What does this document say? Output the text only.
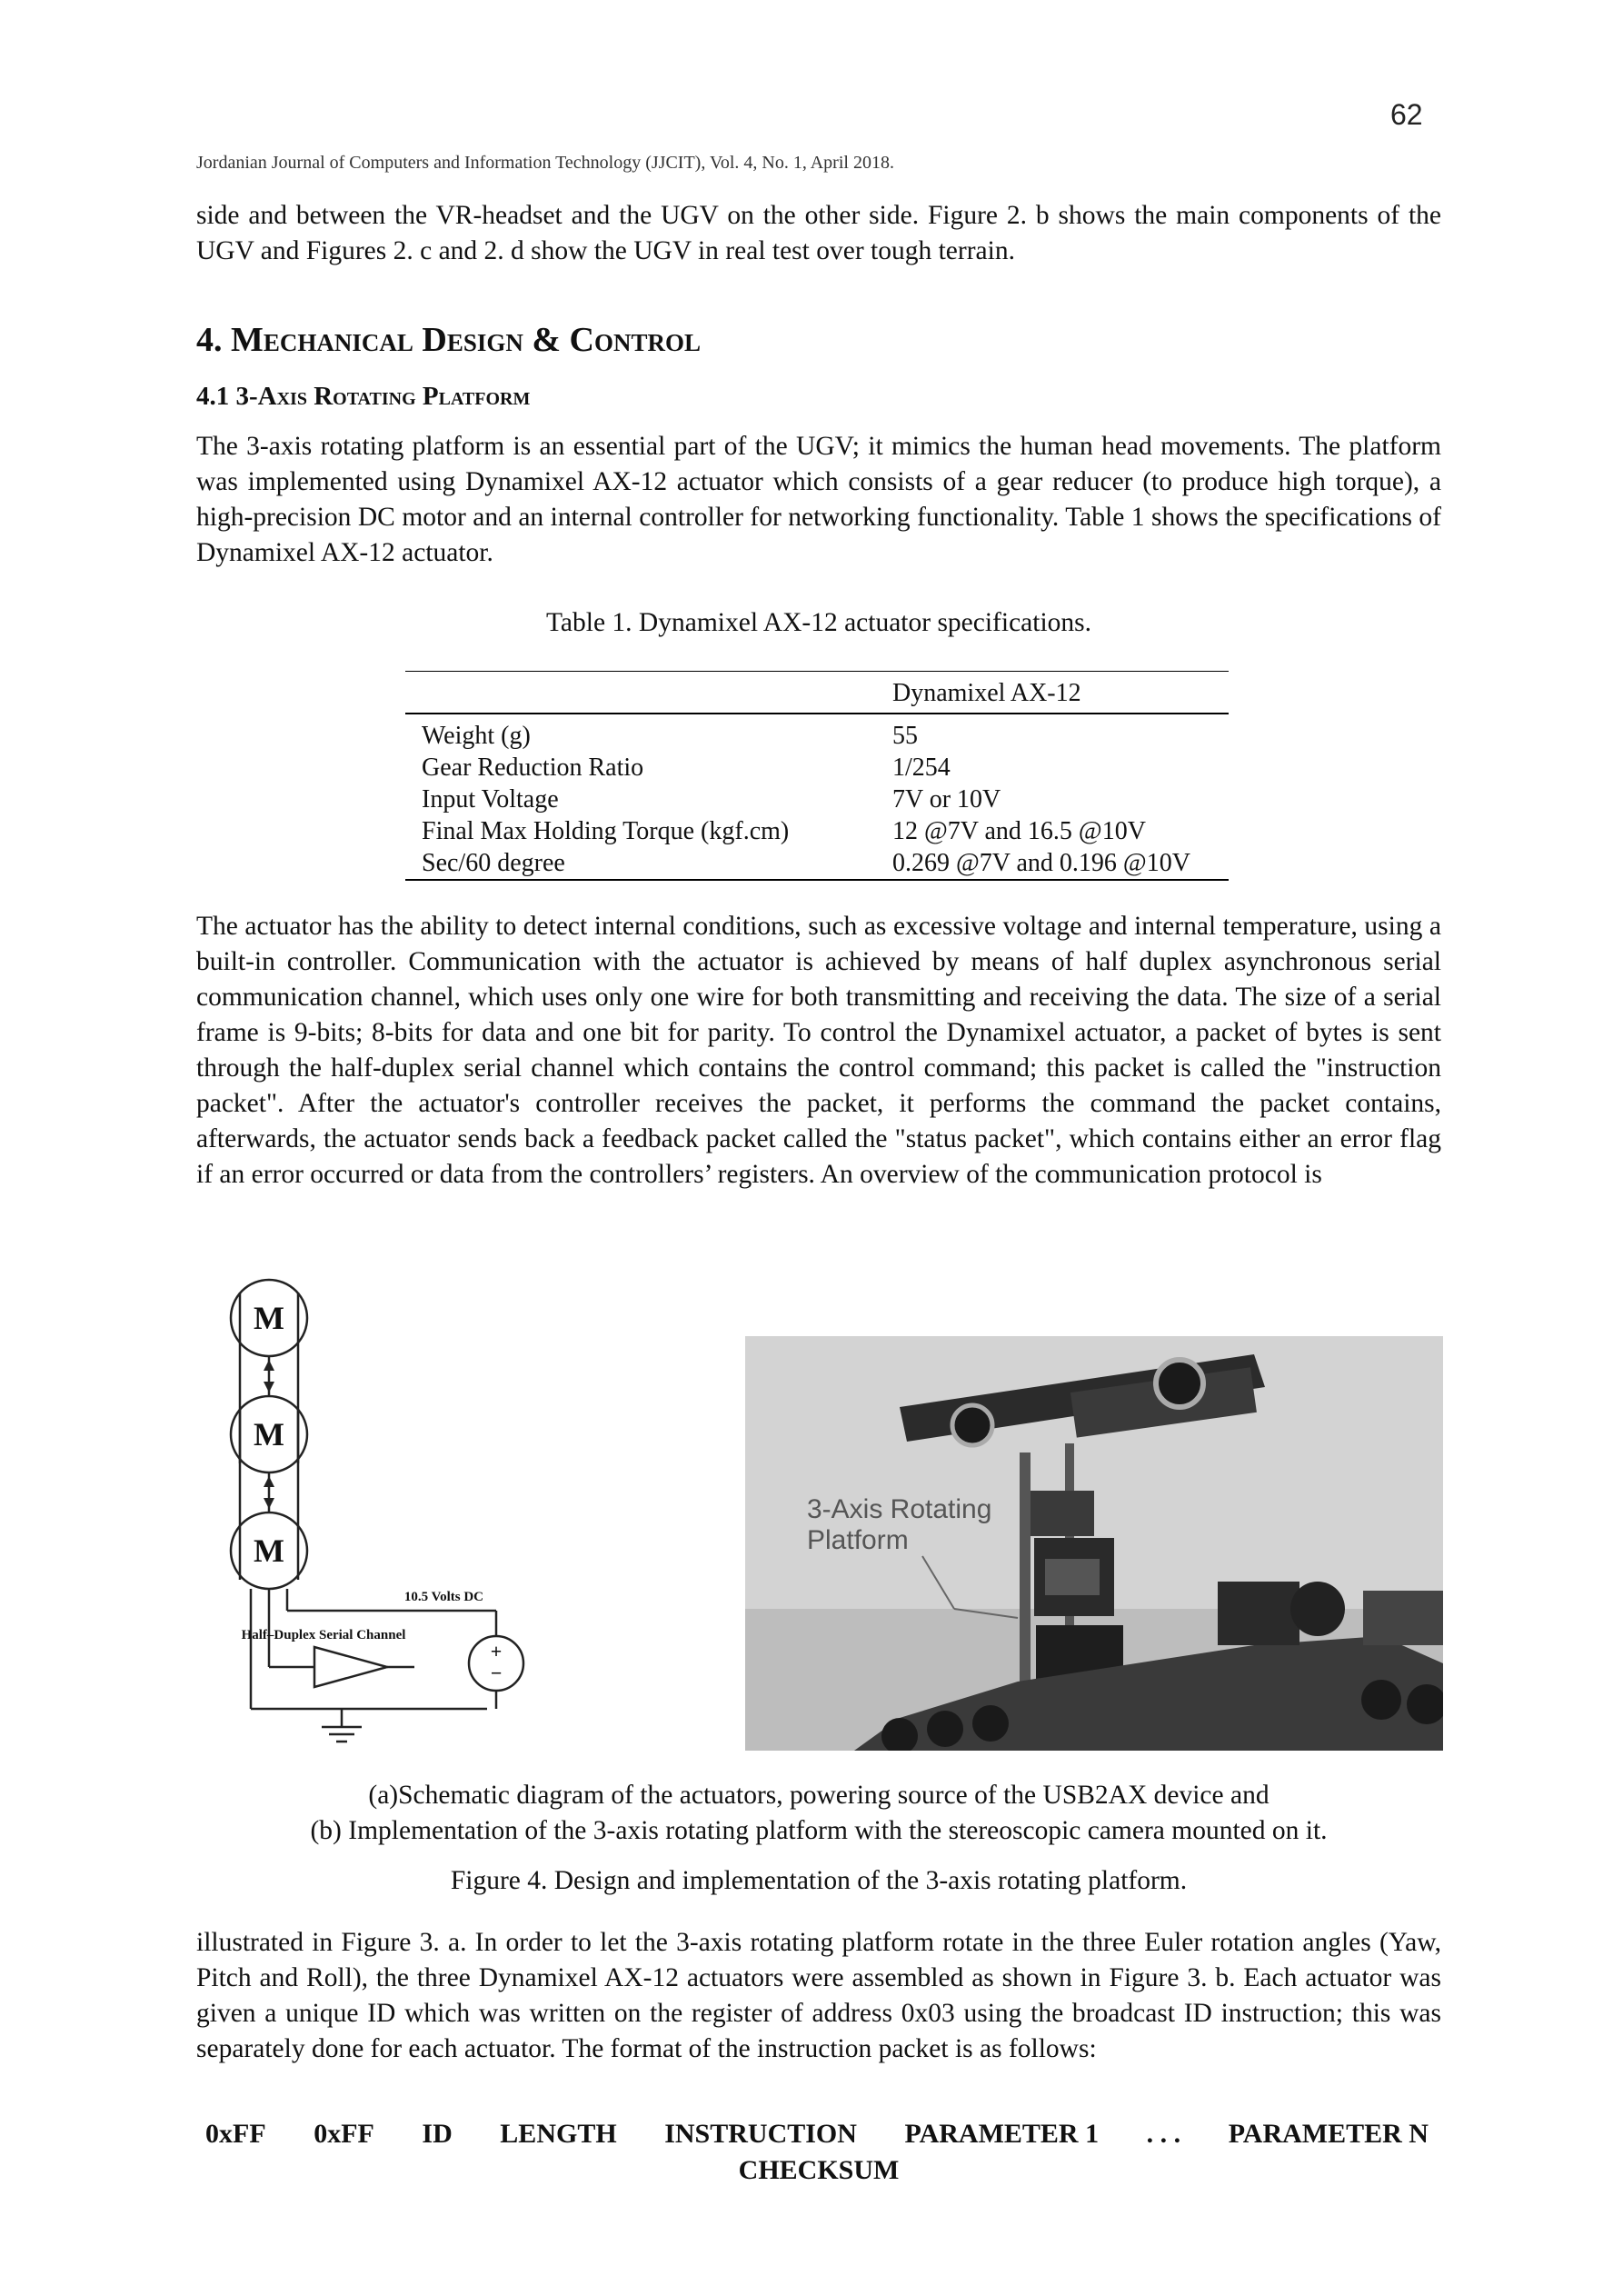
62
Jordanian Journal of Computers and Information Technology (JJCIT), Vol. 4, No. 1, April 2018.

side and between the VR-headset and the UGV on the other side. Figure 2. b shows the main components of the UGV and Figures 2. c and 2. d show the UGV in real test over tough terrain.

4. Mechanical Design & Control
4.1 3-Axis Rotating Platform

The 3-axis rotating platform is an essential part of the UGV; it mimics the human head movements. The platform was implemented using Dynamixel AX-12 actuator which consists of a gear reducer (to produce high torque), a high-precision DC motor and an internal controller for networking functionality. Table 1 shows the specifications of Dynamixel AX-12 actuator.

Table 1. Dynamixel AX-12 actuator specifications.
	Dynamixel AX-12
Weight (g)	55
Gear Reduction Ratio	1/254
Input Voltage	7V or 10V
Final Max Holding Torque (kgf.cm)	12 @7V and 16.5 @10V
Sec/60 degree	0.269 @7V and 0.196 @10V

The actuator has the ability to detect internal conditions, such as excessive voltage and internal temperature, using a built-in controller. Communication with the actuator is achieved by means of half duplex asynchronous serial communication channel, which uses only one wire for both transmitting and receiving the data. The size of a serial frame is 9-bits; 8-bits for data and one bit for parity. To control the Dynamixel actuator, a packet of bytes is sent through the half-duplex serial channel which contains the control command; this packet is called the "instruction packet". After the actuator's controller receives the packet, it performs the command the packet contains, afterwards, the actuator sends back a feedback packet called the "status packet", which contains either an error flag if an error occurred or data from the controllers’ registers. An overview of the communication protocol is

M
M
M
10.5 Volts DC
Half–Duplex Serial Channel
+
−
3-Axis Rotating
Platform
(a)Schematic diagram of the actuators, powering source of the USB2AX device and
(b) Implementation of the 3-axis rotating platform with the stereoscopic camera mounted on it.
Figure 4. Design and implementation of the 3-axis rotating platform.

illustrated in Figure 3. a. In order to let the 3-axis rotating platform rotate in the three Euler rotation angles (Yaw, Pitch and Roll), the three Dynamixel AX-12 actuators were assembled as shown in Figure 3. b. Each actuator was given a unique ID which was written on the register of address 0x03 using the broadcast ID instruction; this was separately done for each actuator. The format of the instruction packet is as follows:

0xFF 0xFF ID LENGTH INSTRUCTION PARAMETER 1 . . . PARAMETER N
CHECKSUM
